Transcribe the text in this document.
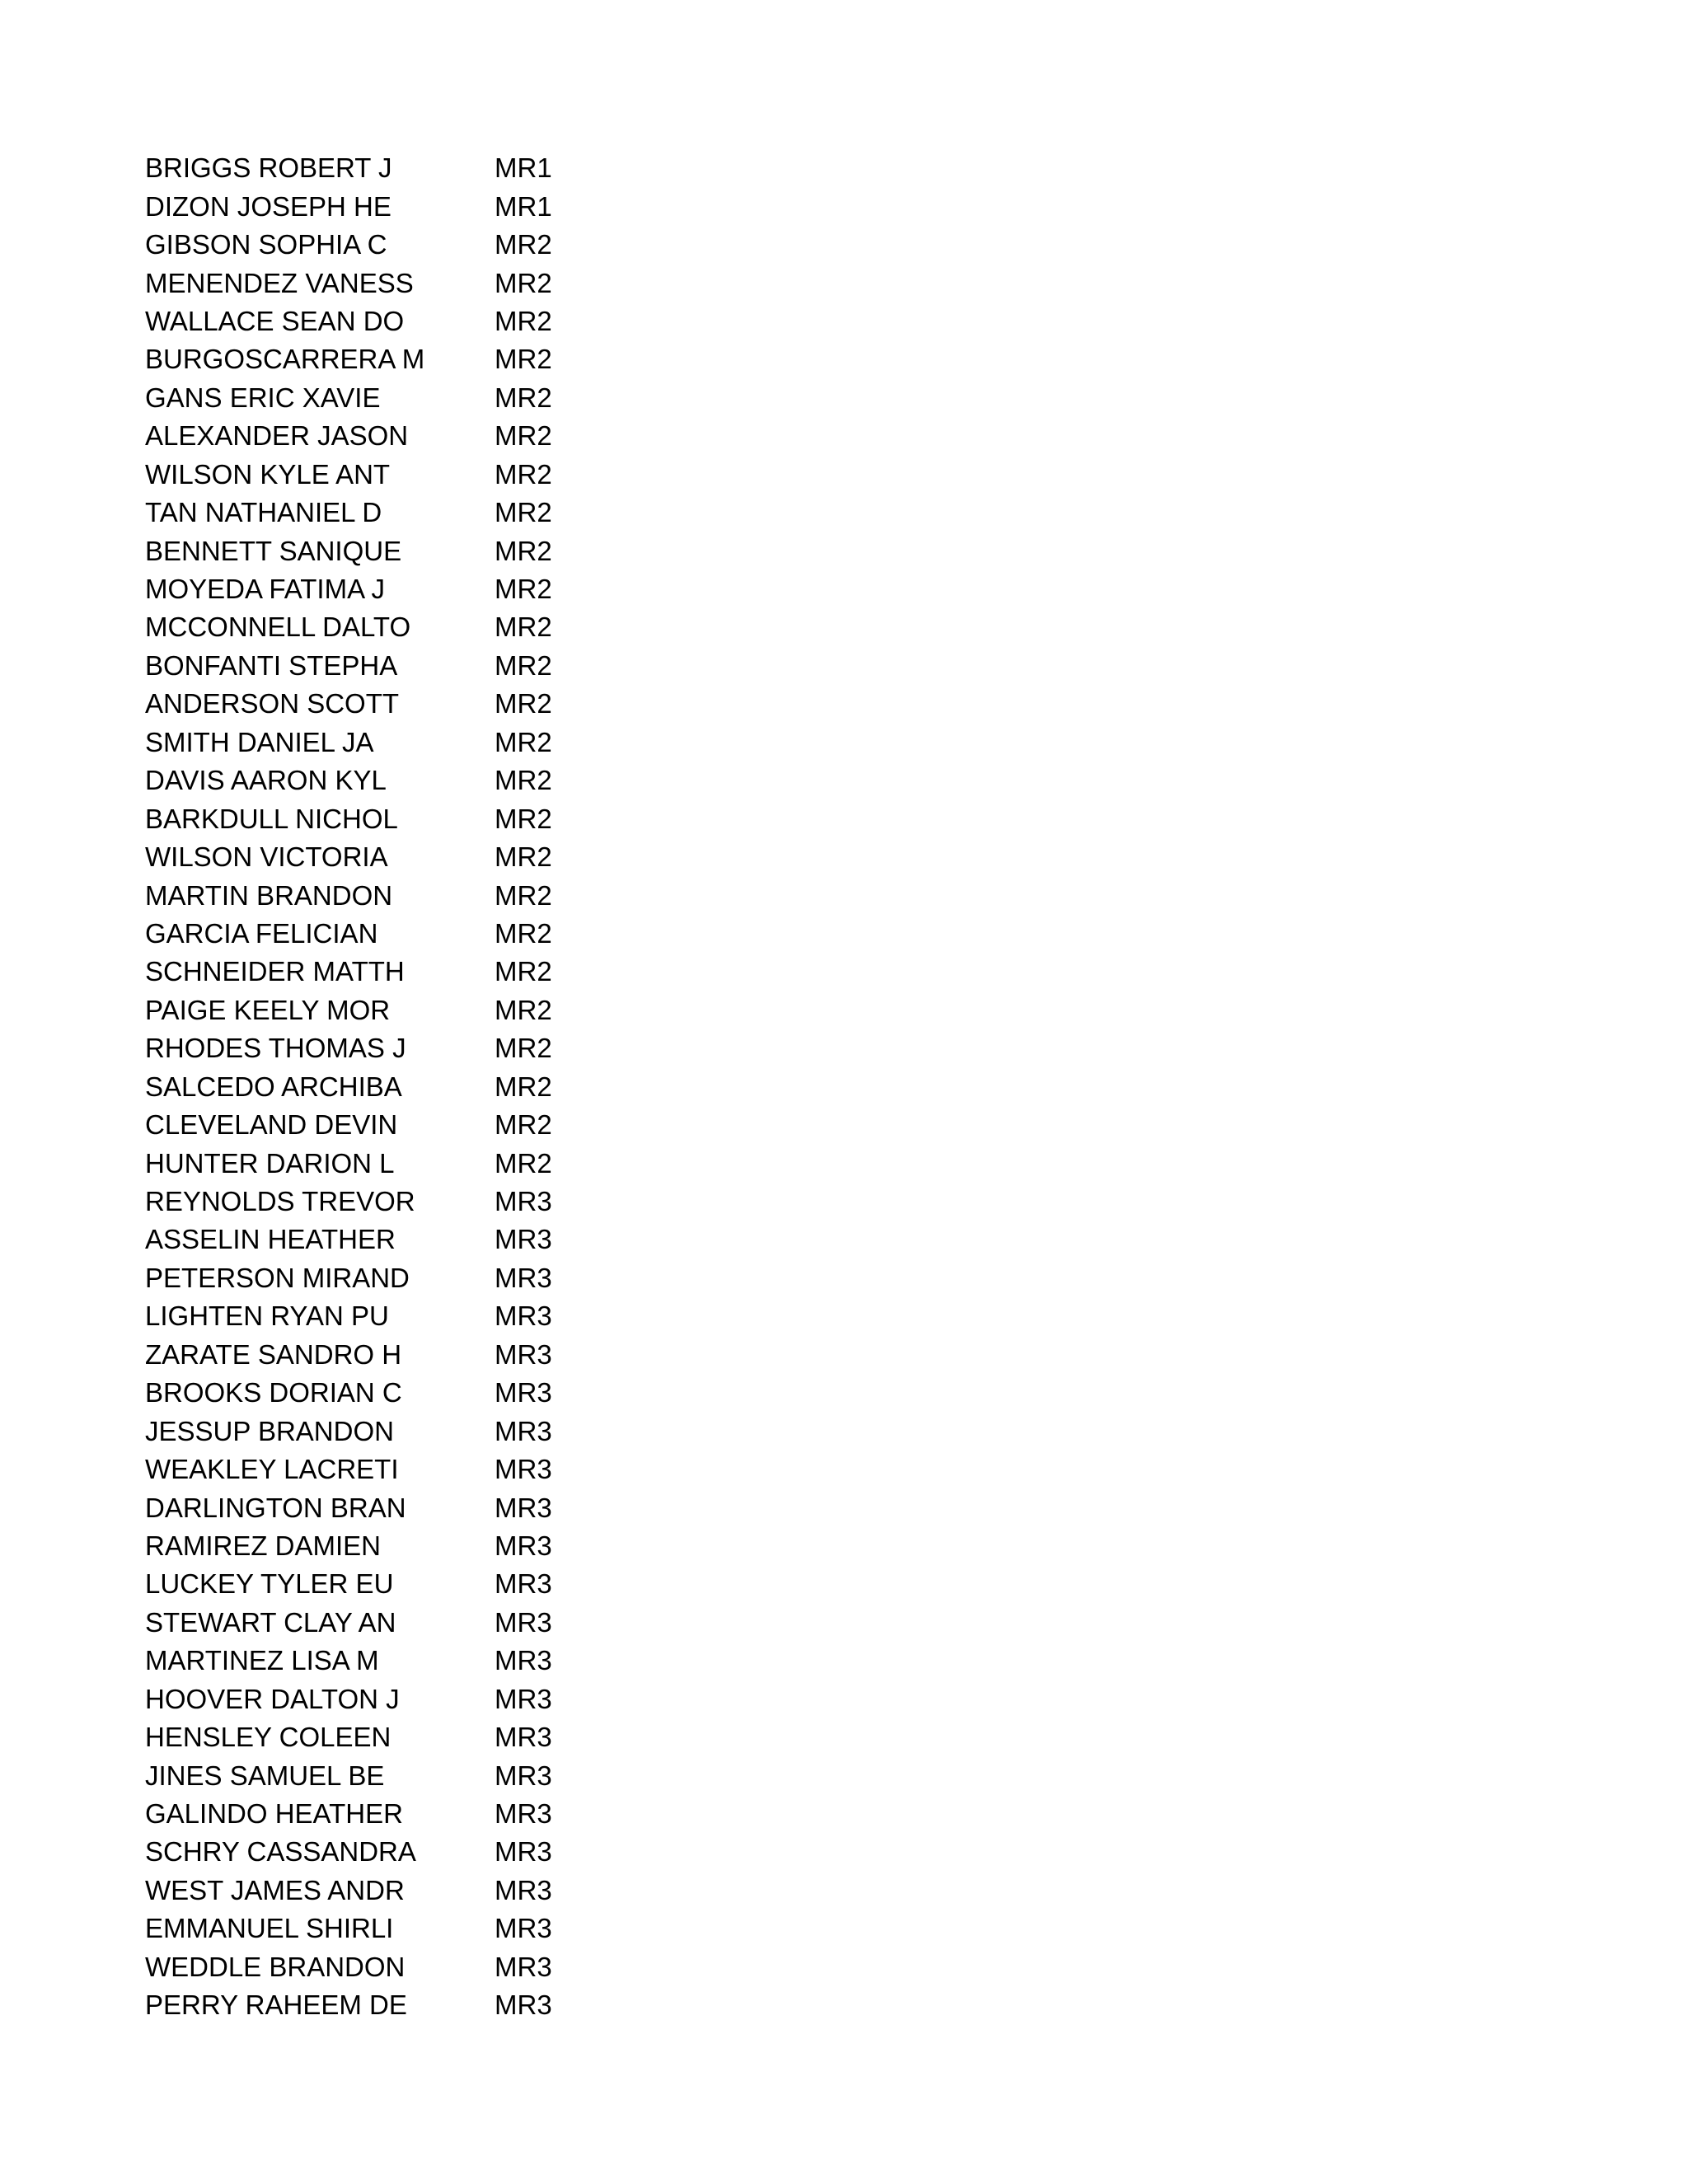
BRIGGS ROBERT J	MR1
DIZON JOSEPH HE	MR1
GIBSON SOPHIA C	MR2
MENENDEZ VANESS	MR2
WALLACE SEAN DO	MR2
BURGOSCARRERA M	MR2
GANS ERIC XAVIE	MR2
ALEXANDER JASON	MR2
WILSON KYLE ANT	MR2
TAN NATHANIEL D	MR2
BENNETT SANIQUE	MR2
MOYEDA FATIMA J	MR2
MCCONNELL DALTO	MR2
BONFANTI STEPHA	MR2
ANDERSON SCOTT	MR2
SMITH DANIEL JA	MR2
DAVIS AARON KYL	MR2
BARKDULL NICHOL	MR2
WILSON VICTORIA	MR2
MARTIN BRANDON	MR2
GARCIA FELICIAN	MR2
SCHNEIDER MATTH	MR2
PAIGE KEELY MOR	MR2
RHODES THOMAS J	MR2
SALCEDO ARCHIBA	MR2
CLEVELAND DEVIN	MR2
HUNTER DARION L	MR2
REYNOLDS TREVOR	MR3
ASSELIN HEATHER	MR3
PETERSON MIRAND	MR3
LIGHTEN RYAN PU	MR3
ZARATE SANDRO H	MR3
BROOKS DORIAN C	MR3
JESSUP BRANDON	MR3
WEAKLEY LACRETI	MR3
DARLINGTON BRAN	MR3
RAMIREZ DAMIEN	MR3
LUCKEY TYLER EU	MR3
STEWART CLAY AN	MR3
MARTINEZ LISA M	MR3
HOOVER DALTON J	MR3
HENSLEY COLEEN	MR3
JINES SAMUEL BE	MR3
GALINDO HEATHER	MR3
SCHRY CASSANDRA	MR3
WEST JAMES ANDR	MR3
EMMANUEL SHIRLI	MR3
WEDDLE BRANDON	MR3
PERRY RAHEEM DE	MR3
